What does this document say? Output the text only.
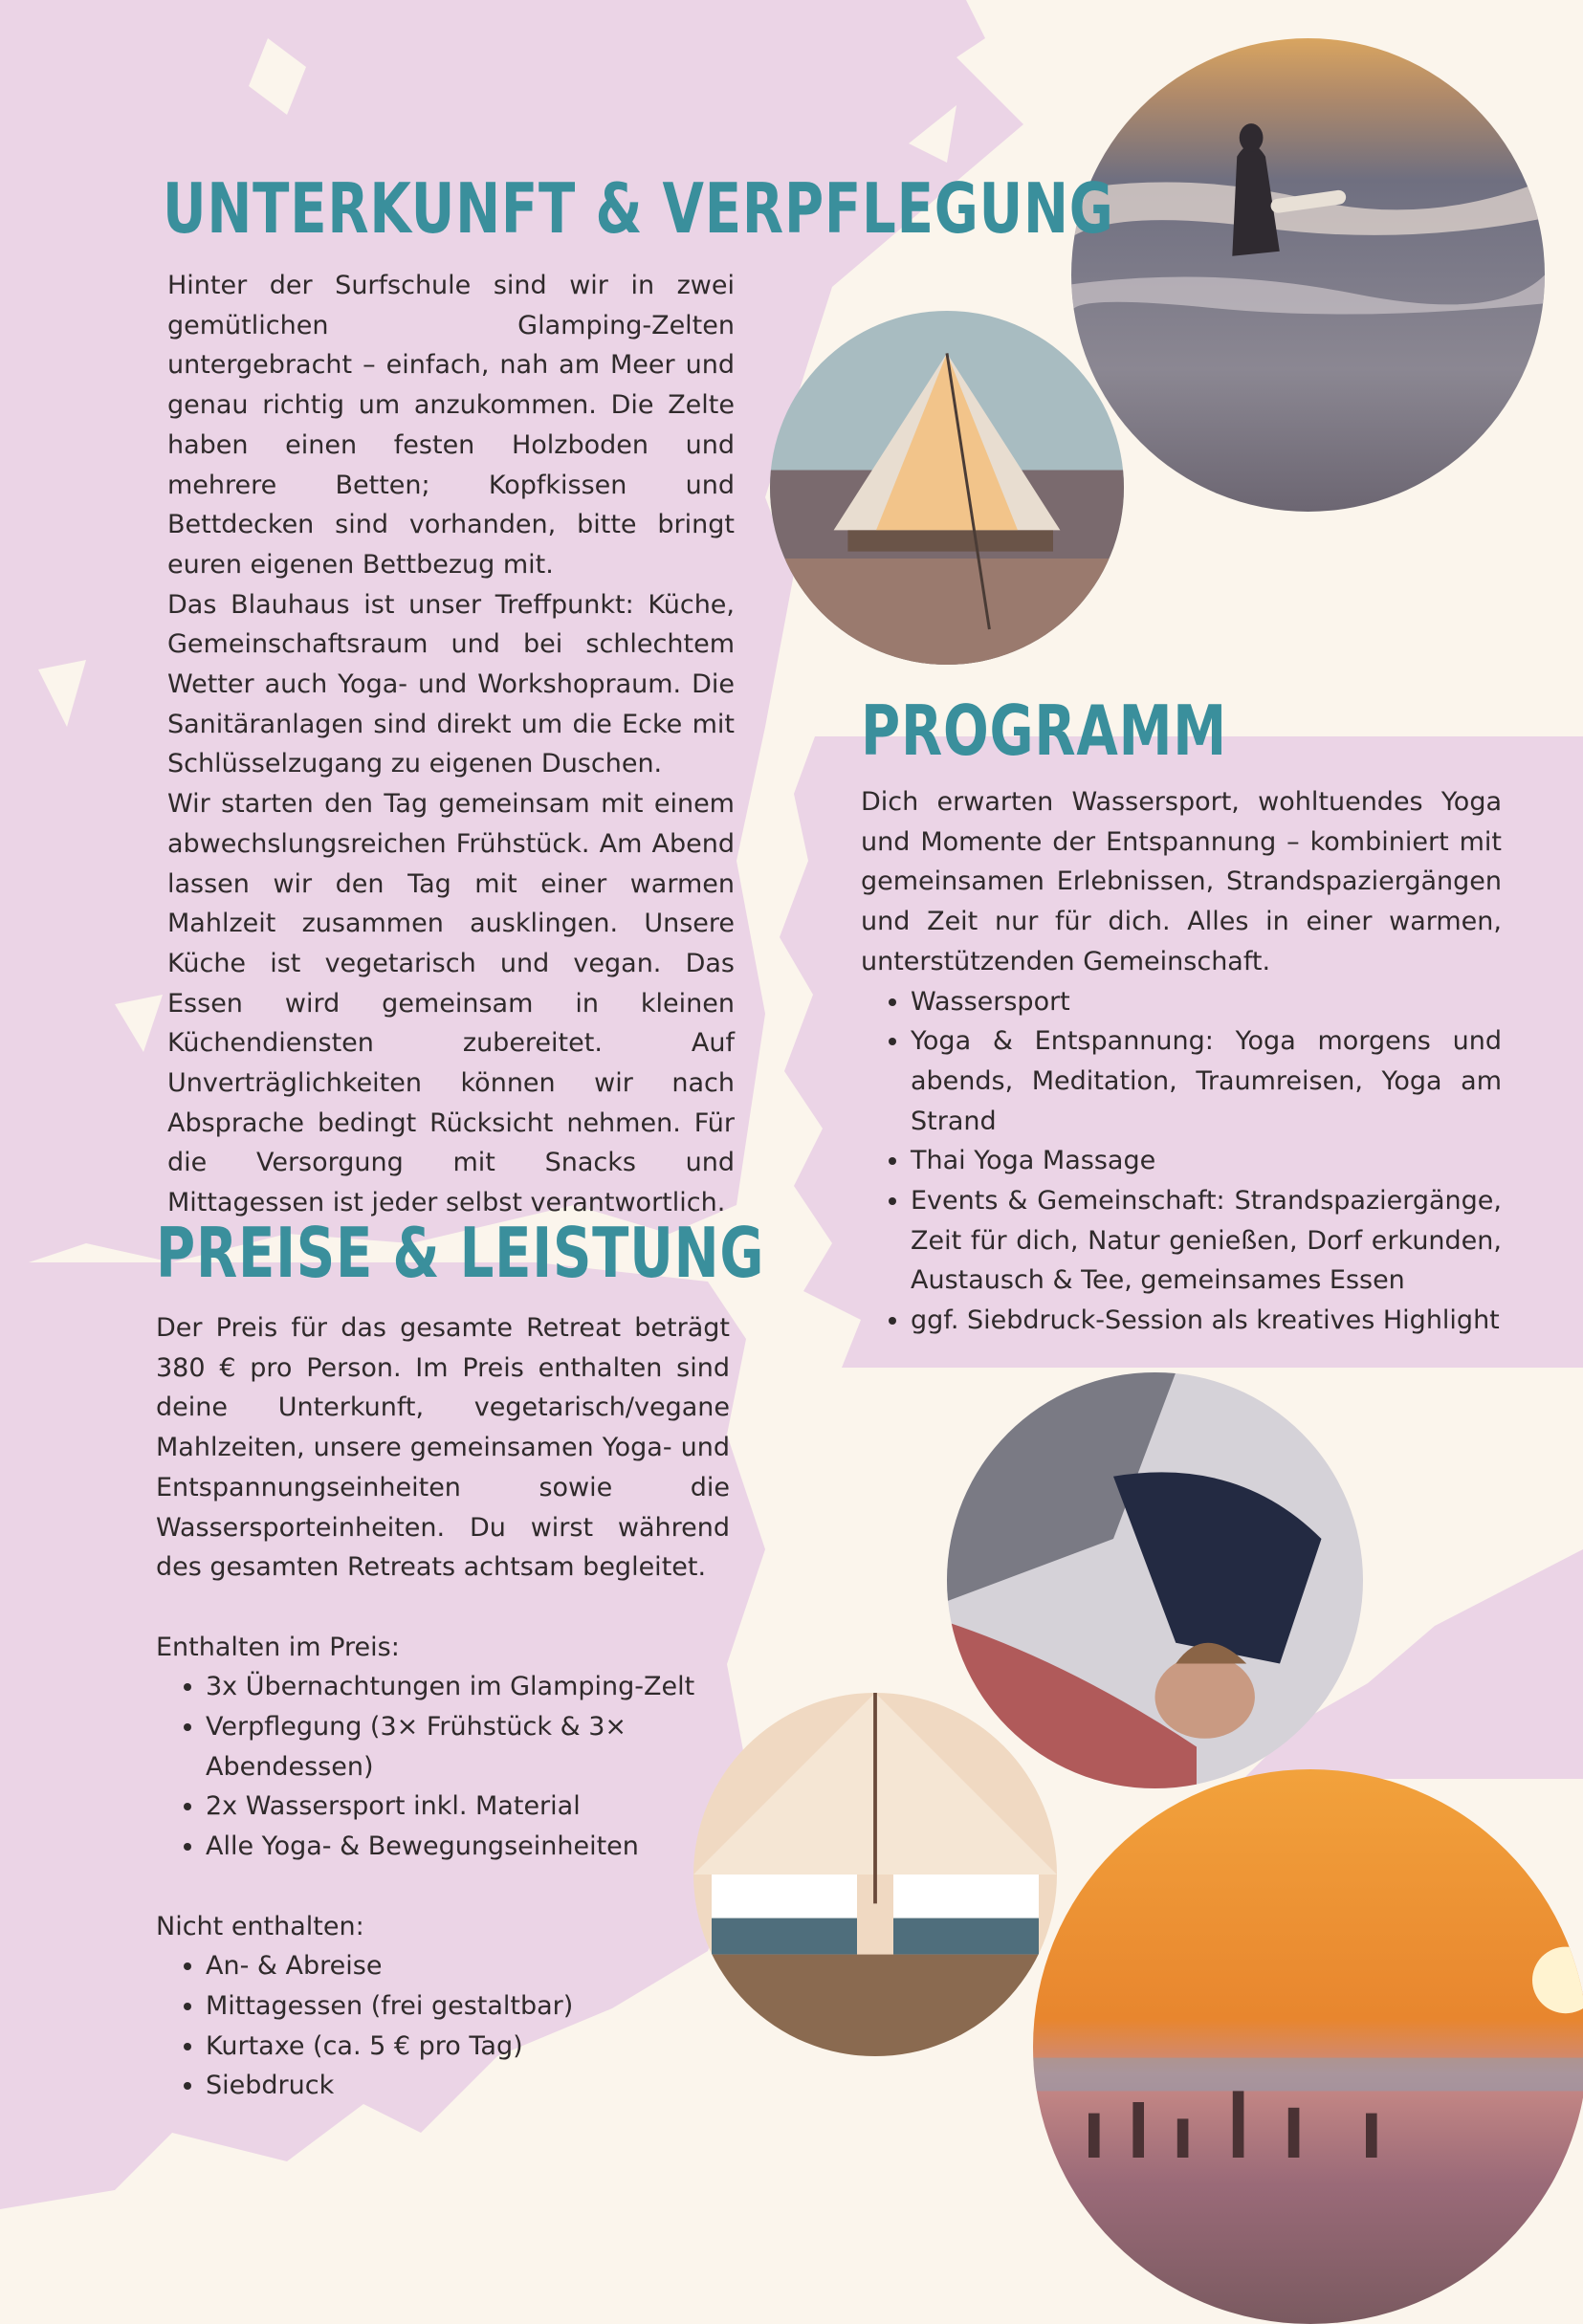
UNTERKUNFT & VERPFLEGUNG

Hinter der Surfschule sind wir in zwei gemütlichen Glamping-Zelten untergebracht – einfach, nah am Meer und genau richtig um anzukommen. Die Zelte haben einen festen Holzboden und mehrere Betten; Kopfkissen und Bettdecken sind vorhanden, bitte bringt euren eigenen Bettbezug mit.

Das Blauhaus ist unser Treffpunkt: Küche, Gemeinschaftsraum und bei schlechtem Wetter auch Yoga- und Workshopraum. Die Sanitäranlagen sind direkt um die Ecke mit Schlüsselzugang zu eigenen Duschen.

Wir starten den Tag gemeinsam mit einem abwechslungsreichen Frühstück. Am Abend lassen wir den Tag mit einer warmen Mahlzeit zusammen ausklingen. Unsere Küche ist vegetarisch und vegan. Das Essen wird gemeinsam in kleinen Küchendiensten zubereitet. Auf Unverträglichkeiten können wir nach Absprache bedingt Rücksicht nehmen. Für die Versorgung mit Snacks und Mittagessen ist jeder selbst verantwortlich.

PROGRAMM

Dich erwarten Wassersport, wohltuendes Yoga und Momente der Entspannung – kombiniert mit gemeinsamen Erlebnissen, Strandspaziergängen und Zeit nur für dich. Alles in einer warmen, unterstützenden Gemeinschaft.

• Wassersport
• Yoga & Entspannung: Yoga morgens und abends, Meditation, Traumreisen, Yoga am Strand
• Thai Yoga Massage
• Events & Gemeinschaft: Strandspaziergänge, Zeit für dich, Natur genießen, Dorf erkunden, Austausch & Tee, gemeinsames Essen
• ggf. Siebdruck-Session als kreatives Highlight
PREISE & LEISTUNG

Der Preis für das gesamte Retreat beträgt 380 € pro Person. Im Preis enthalten sind deine Unterkunft, vegetarisch/vegane Mahlzeiten, unsere gemeinsamen Yoga- und Entspannungseinheiten sowie die Wassersporteinheiten. Du wirst während des gesamten Retreats achtsam begleitet.

Enthalten im Preis:

• 3x Übernachtungen im Glamping-Zelt
• Verpflegung (3× Frühstück & 3× Abendessen)
• 2x Wassersport inkl. Material
• Alle Yoga- & Bewegungseinheiten

Nicht enthalten:

• An- & Abreise
• Mittagessen (frei gestaltbar)
• Kurtaxe (ca. 5 € pro Tag)
• Siebdruck
